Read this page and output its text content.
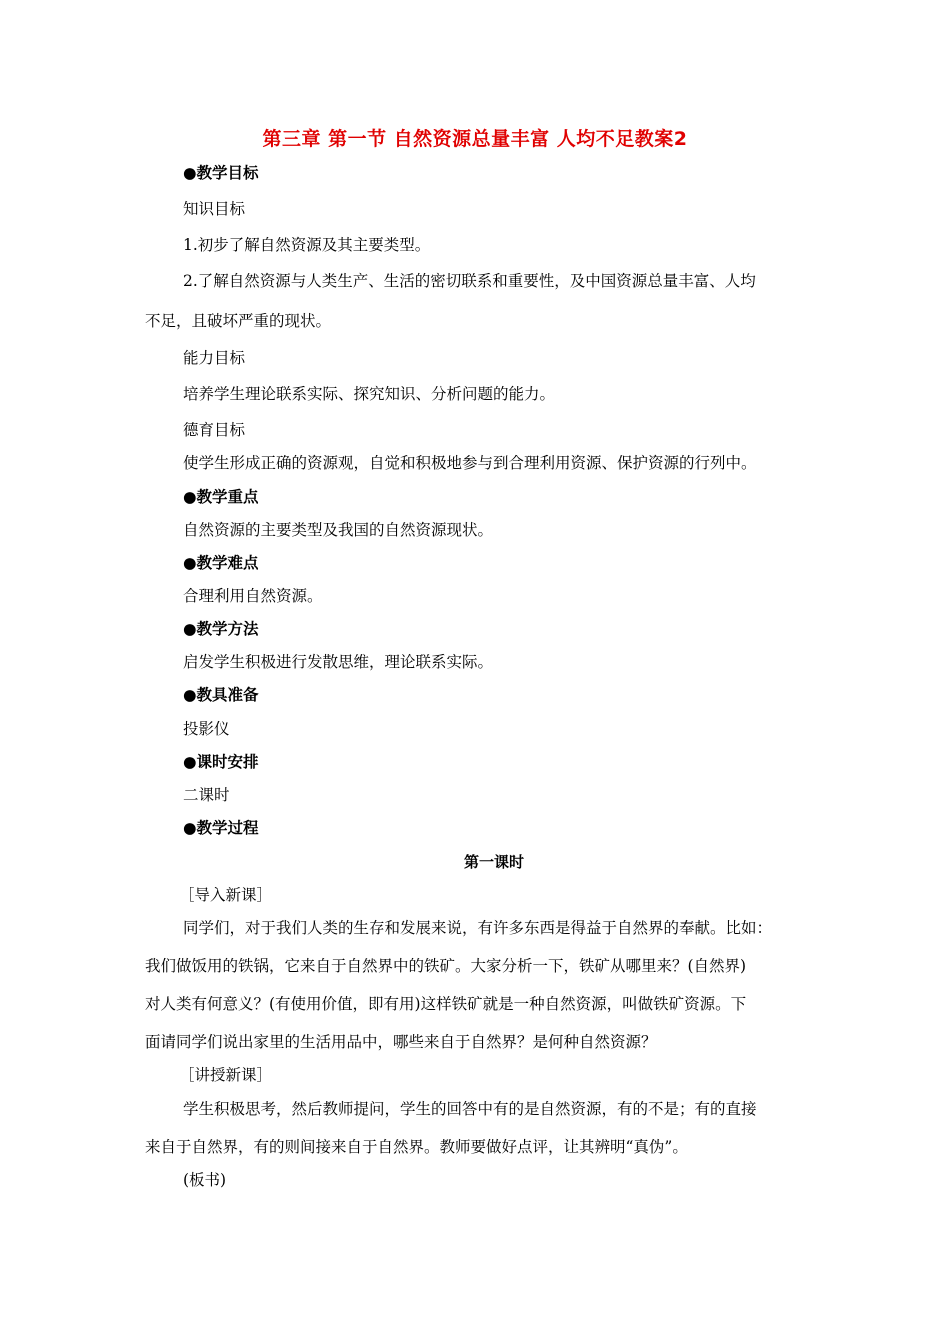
第三章 第一节 自然资源总量丰富 人均不足教案2
●教学目标
知识目标
1.初步了解自然资源及其主要类型。
2.了解自然资源与人类生产、生活的密切联系和重要性，及中国资源总量丰富、人均
不足，且破坏严重的现状。
能力目标
培养学生理论联系实际、探究知识、分析问题的能力。
德育目标
使学生形成正确的资源观，自觉和积极地参与到合理利用资源、保护资源的行列中。
●教学重点
自然资源的主要类型及我国的自然资源现状。
●教学难点
合理利用自然资源。
●教学方法
启发学生积极进行发散思维，理论联系实际。
●教具准备
投影仪
●课时安排
二课时
●教学过程
第一课时
［导入新课］
同学们，对于我们人类的生存和发展来说，有许多东西是得益于自然界的奉献。比如：
我们做饭用的铁锅，它来自于自然界中的铁矿。大家分析一下，铁矿从哪里来？(自然界)
对人类有何意义？(有使用价值，即有用)这样铁矿就是一种自然资源，叫做铁矿资源。下
面请同学们说出家里的生活用品中，哪些来自于自然界？是何种自然资源？
［讲授新课］
学生积极思考，然后教师提问，学生的回答中有的是自然资源，有的不是；有的直接
来自于自然界，有的则间接来自于自然界。教师要做好点评，让其辨明“真伪”。
(板书)
